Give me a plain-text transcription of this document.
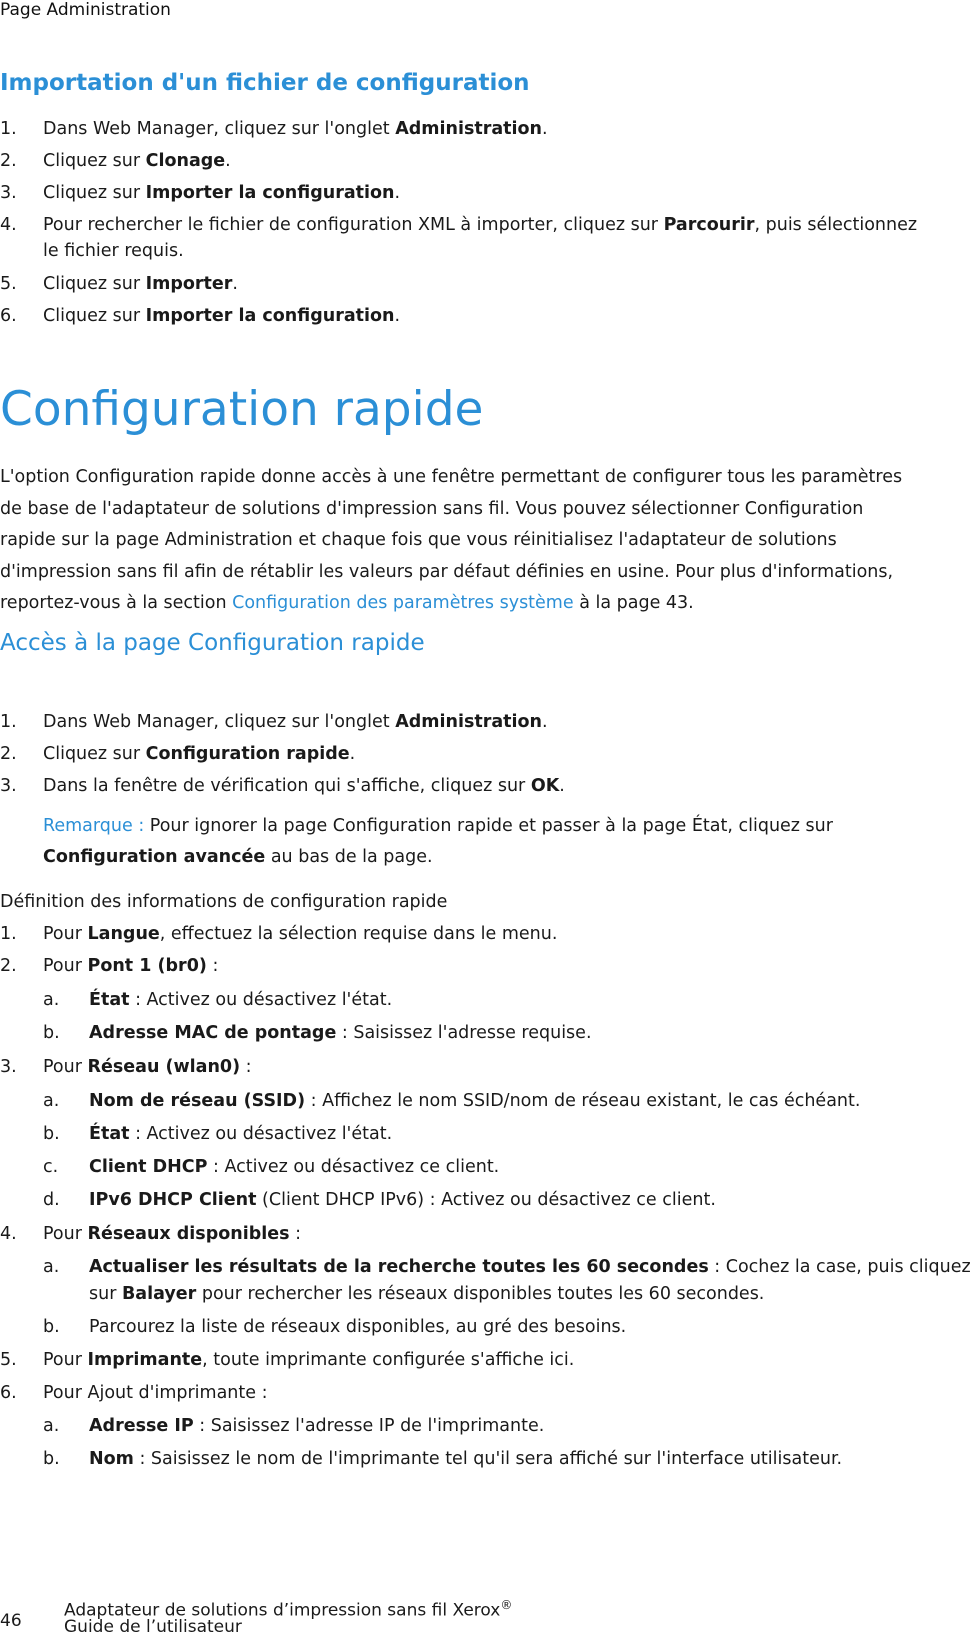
Page Administration
Importation d'un fichier de configuration
1. Dans Web Manager, cliquez sur l'onglet Administration.
2. Cliquez sur Clonage.
3. Cliquez sur Importer la configuration.
4. Pour rechercher le fichier de configuration XML à importer, cliquez sur Parcourir, puis sélectionnez
le fichier requis.
5. Cliquez sur Importer.
6. Cliquez sur Importer la configuration.
Configuration rapide
L'option Configuration rapide donne accès à une fenêtre permettant de configurer tous les paramètres
de base de l'adaptateur de solutions d'impression sans fil. Vous pouvez sélectionner Configuration
rapide sur la page Administration et chaque fois que vous réinitialisez l'adaptateur de solutions
d'impression sans fil afin de rétablir les valeurs par défaut définies en usine. Pour plus d'informations,
reportez-vous à la section Configuration des paramètres système à la page 43.
Accès à la page Configuration rapide
1. Dans Web Manager, cliquez sur l'onglet Administration.
2. Cliquez sur Configuration rapide.
3. Dans la fenêtre de vérification qui s'affiche, cliquez sur OK.
Remarque : Pour ignorer la page Configuration rapide et passer à la page État, cliquez sur
Configuration avancée au bas de la page.
Définition des informations de configuration rapide
1. Pour Langue, effectuez la sélection requise dans le menu.
2. Pour Pont 1 (br0) :
a. État : Activez ou désactivez l'état.
b. Adresse MAC de pontage : Saisissez l'adresse requise.
3. Pour Réseau (wlan0) :
a. Nom de réseau (SSID) : Affichez le nom SSID/nom de réseau existant, le cas échéant.
b. État : Activez ou désactivez l'état.
c. Client DHCP : Activez ou désactivez ce client.
d. IPv6 DHCP Client (Client DHCP IPv6) : Activez ou désactivez ce client.
4. Pour Réseaux disponibles :
a. Actualiser les résultats de la recherche toutes les 60 secondes : Cochez la case, puis cliquez
sur Balayer pour rechercher les réseaux disponibles toutes les 60 secondes.
b. Parcourez la liste de réseaux disponibles, au gré des besoins.
5. Pour Imprimante, toute imprimante configurée s'affiche ici.
6. Pour Ajout d'imprimante :
a. Adresse IP : Saisissez l'adresse IP de l'imprimante.
b. Nom : Saisissez le nom de l'imprimante tel qu'il sera affiché sur l'interface utilisateur.
46
Adaptateur de solutions d’impression sans fil Xerox®
Guide de l’utilisateur
